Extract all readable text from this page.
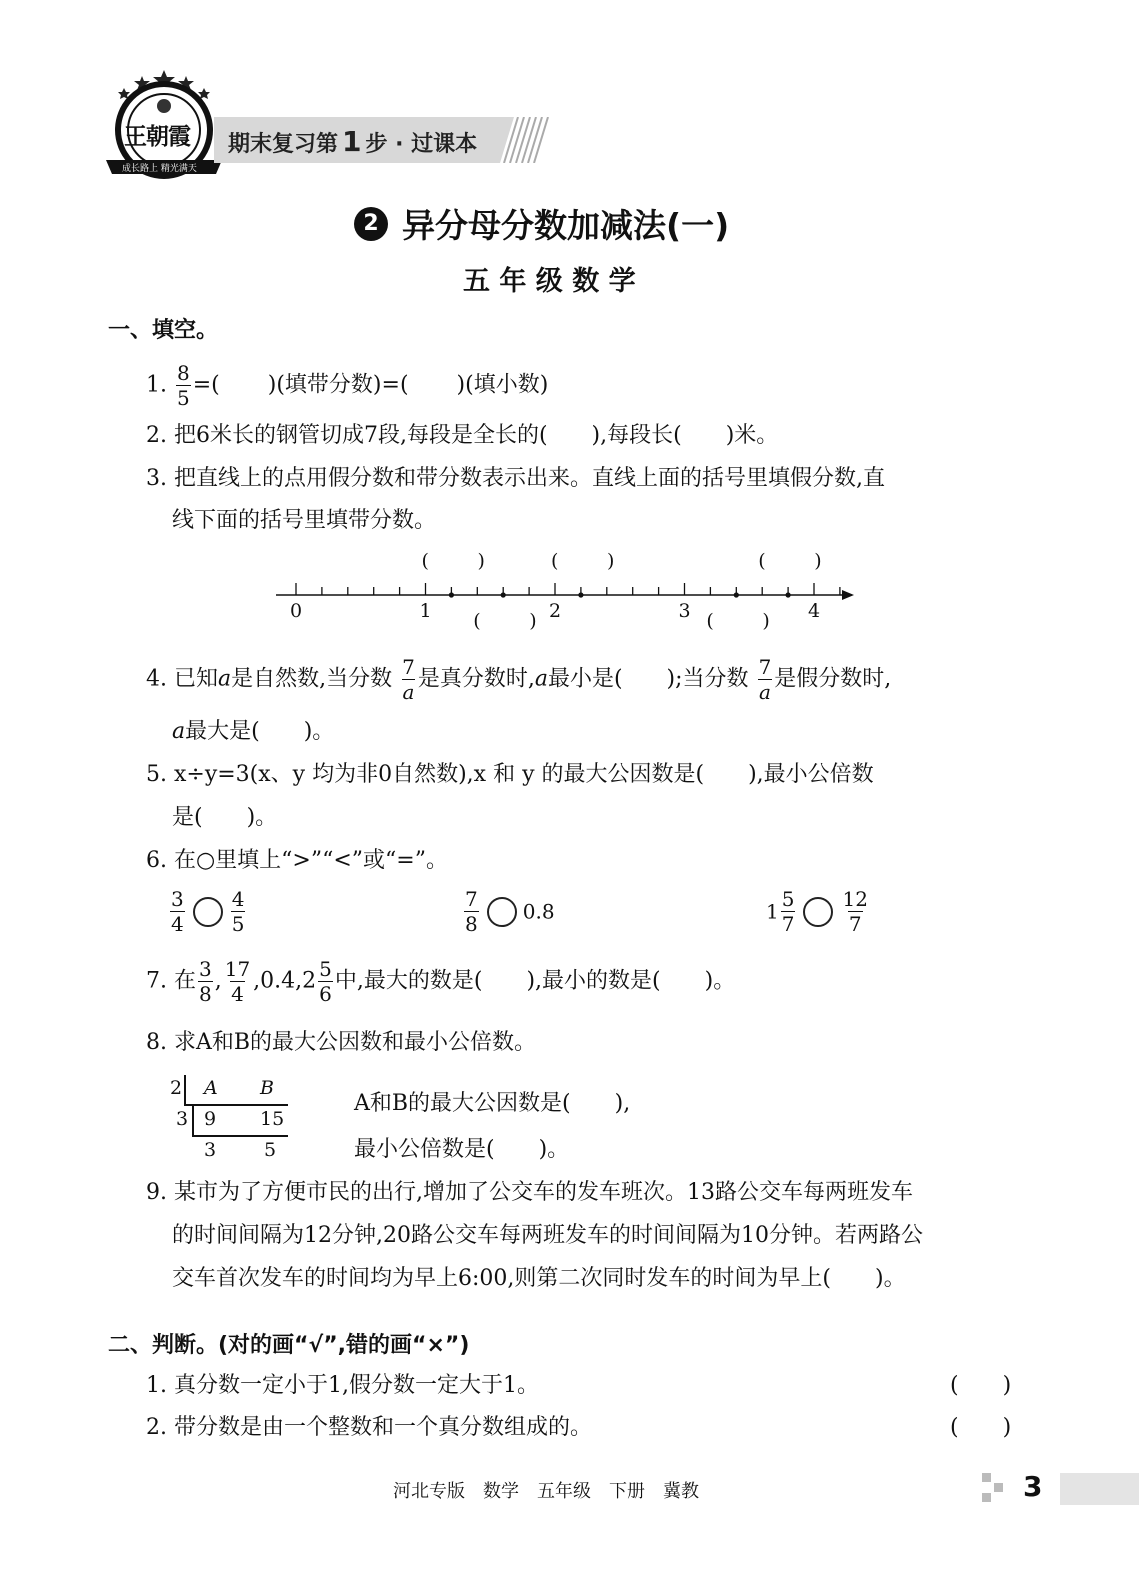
王朝霞
成长路上 精光满天
期末复习第 1 步 · 过课本
2 异分母分数加减法(一)
五 年 级 数 学
一、填空。
1. $\frac{8}{5}$ =( )(填带分数)=( )(填小数)
2. 把6米长的钢管切成7段,每段是全长的(　　),每段长(　　)米。
3. 把直线上的点用假分数和带分数表示出来。直线上面的括号里填假分数,直
线下面的括号里填带分数。
0	1	2	3	4
(	)	(	)	(	)
(	)	(	)
4. 已知a是自然数,当分数 $\frac{7}{a}$ 是真分数时,a最小是(　　);当分数 $\frac{7}{a}$ 是假分数时,
a最大是(　　)。
5. x÷y=3(x、y 均为非0自然数),x 和 y 的最大公因数是(　　),最小公倍数
是(　　)。
6. 在○里填上“>”“<”或“=”。
$\frac{3}{4} \frac{4}{5}$	$\frac{7}{8} 0.8$	$1 \frac{5}{7} \frac{12}{7}$
7. 在 $\frac{3}{8}$ , $\frac{17}{4} ,0.4,2 \frac{5}{6}$ 中,最大的数是(　　),最小的数是(　　)。
8. 求A和B的最大公因数和最小公倍数。
2
3
A B
9 15
3	5
A和B的最大公因数是(　　),
最小公倍数是(　　)。
9. 某市为了方便市民的出行,增加了公交车的发车班次。13路公交车每两班发车
的时间间隔为12分钟,20路公交车每两班发车的时间间隔为10分钟。若两路公
交车首次发车的时间均为早上6:00,则第二次同时发车的时间为早上(　　)。
二、判断。(对的画“√”,错的画“×”)
1. 真分数一定小于1,假分数一定大于1。	(　　)
2. 带分数是由一个整数和一个真分数组成的。	(　　)
河北专版　数学　五年级　下册　冀教	3
